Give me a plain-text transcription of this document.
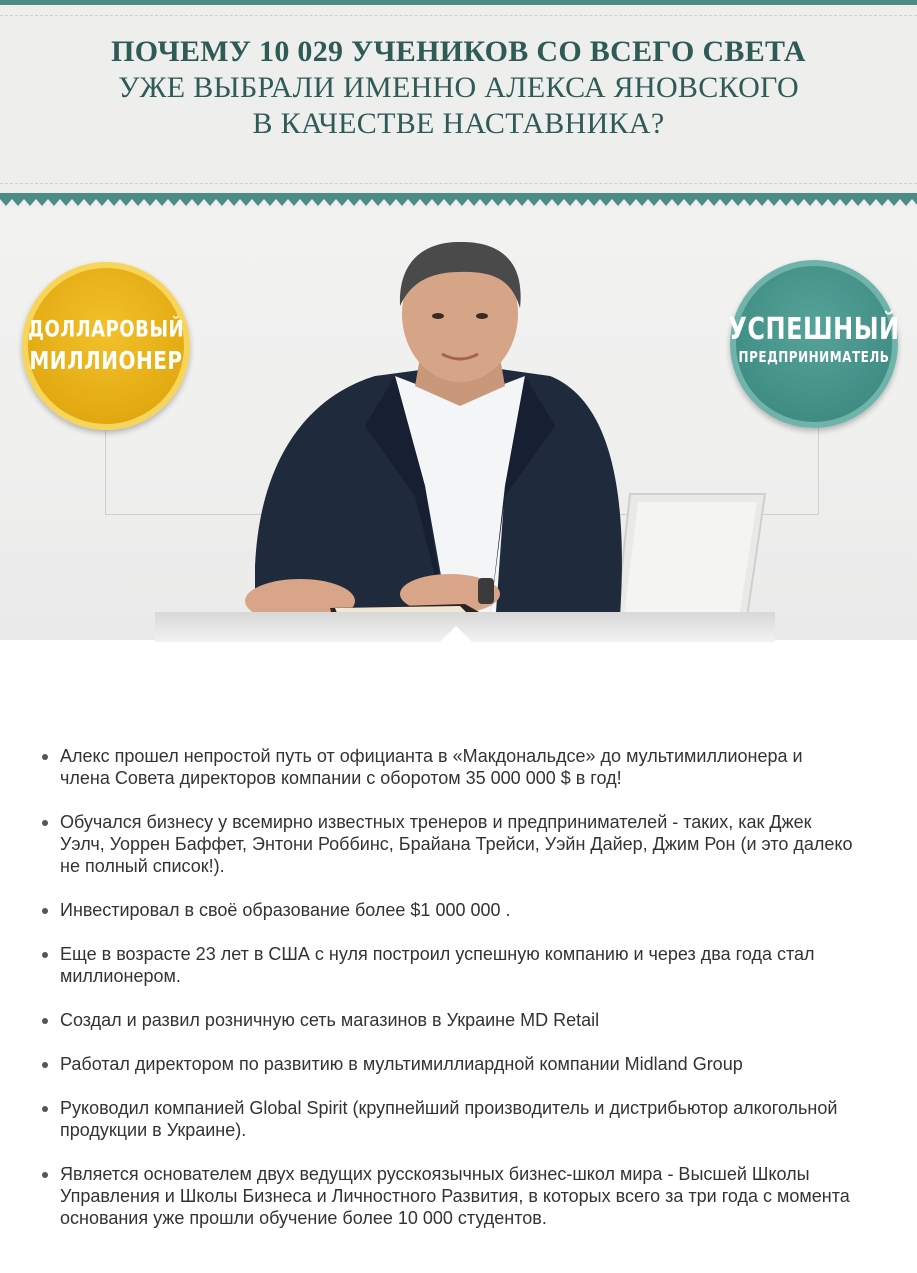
ПОЧЕМУ 10 029 УЧЕНИКОВ СО ВСЕГО СВЕТА
УЖЕ ВЫБРАЛИ ИМЕННО АЛЕКСА ЯНОВСКОГО
В КАЧЕСТВЕ НАСТАВНИКА?
ДОЛЛАРОВЫЙ
МИЛЛИОНЕР
УСПЕШНЫЙ
ПРЕДПРИНИМАТЕЛЬ
Алекс прошел непростой путь от официанта в «Макдональдсе» до мультимиллионера и члена Совета директоров компании с оборотом 35 000 000 $ в год!
Обучался бизнесу у всемирно известных тренеров и предпринимателей - таких, как Джек Уэлч, Уоррен Баффет, Энтони Роббинс, Брайана Трейси, Уэйн Дайер, Джим Рон (и это далеко не полный список!).
Инвестировал в своё образование более $1 000 000 .
Еще в возрасте 23 лет в США с нуля построил успешную компанию и через два года стал миллионером.
Создал и развил розничную сеть магазинов в Украине MD Retail
Работал директором по развитию в мультимиллиардной компании Midland Group
Руководил компанией Global Spirit (крупнейший производитель и дистрибьютор алкогольной продукции в Украине).
Является основателем двух ведущих русскоязычных бизнес-школ мира - Высшей Школы Управления и Школы Бизнеса и Личностного Развития, в которых всего за три года с момента основания уже прошли обучение более 10 000 студентов.
